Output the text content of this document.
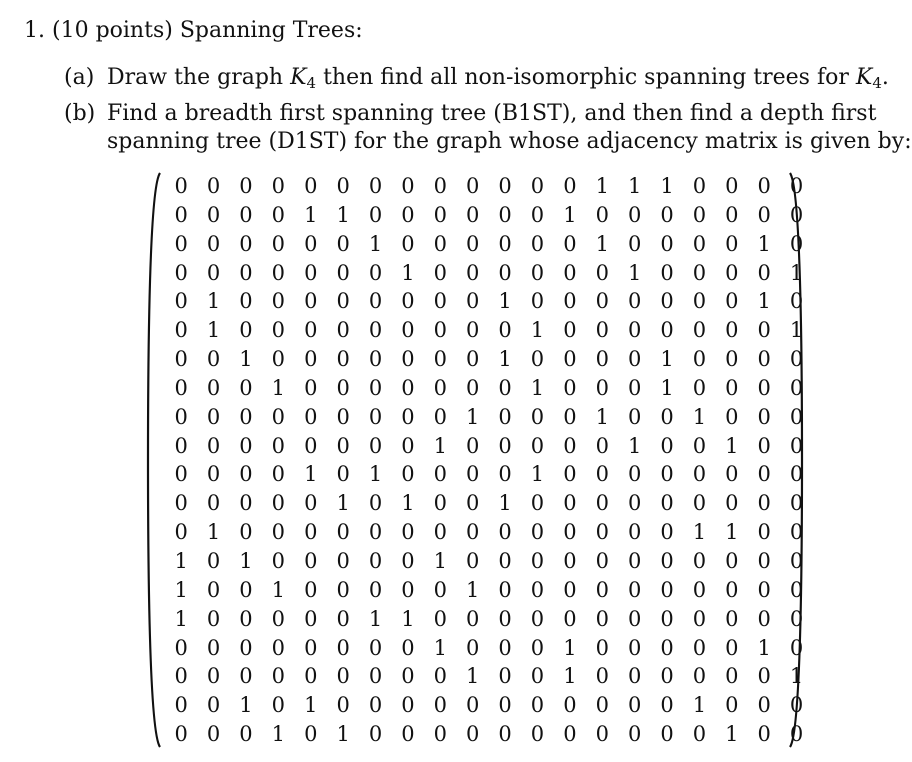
1. (10 points) Spanning Trees:
(a) Draw the graph $K_4$ then find all non-isomorphic spanning trees for $K_4$.
(b) Find a breadth first spanning tree (B1ST), and then find a depth first
spanning tree (D1ST) for the graph whose adjacency matrix is given by:
0 0 0 0 0 0 0 0 0 0 0 0 0 1 1 1 0 0 0 0
0 0 0 0 1 1 0 0 0 0 0 0 1 0 0 0 0 0 0 0
0 0 0 0 0 0 1 0 0 0 0 0 0 1 0 0 0 0 1 0
0 0 0 0 0 0 0 1 0 0 0 0 0 0 1 0 0 0 0 1
0 1 0 0 0 0 0 0 0 0 1 0 0 0 0 0 0 0 1 0
0 1 0 0 0 0 0 0 0 0 0 1 0 0 0 0 0 0 0 1
0 0 1 0 0 0 0 0 0 0 1 0 0 0 0 1 0 0 0 0
0 0 0 1 0 0 0 0 0 0 0 1 0 0 0 1 0 0 0 0
0 0 0 0 0 0 0 0 0 1 0 0 0 1 0 0 1 0 0 0
0 0 0 0 0 0 0 0 1 0 0 0 0 0 1 0 0 1 0 0
0 0 0 0 1 0 1 0 0 0 0 1 0 0 0 0 0 0 0 0
0 0 0 0 0 1 0 1 0 0 1 0 0 0 0 0 0 0 0 0
0 1 0 0 0 0 0 0 0 0 0 0 0 0 0 0 1 1 0 0
1 0 1 0 0 0 0 0 1 0 0 0 0 0 0 0 0 0 0 0
1 0 0 1 0 0 0 0 0 1 0 0 0 0 0 0 0 0 0 0
1 0 0 0 0 0 1 1 0 0 0 0 0 0 0 0 0 0 0 0
0 0 0 0 0 0 0 0 1 0 0 0 1 0 0 0 0 0 1 0
0 0 0 0 0 0 0 0 0 1 0 0 1 0 0 0 0 0 0 1
0 0 1 0 1 0 0 0 0 0 0 0 0 0 0 0 1 0 0 0
0 0 0 1 0 1 0 0 0 0 0 0 0 0 0 0 0 1 0 0
